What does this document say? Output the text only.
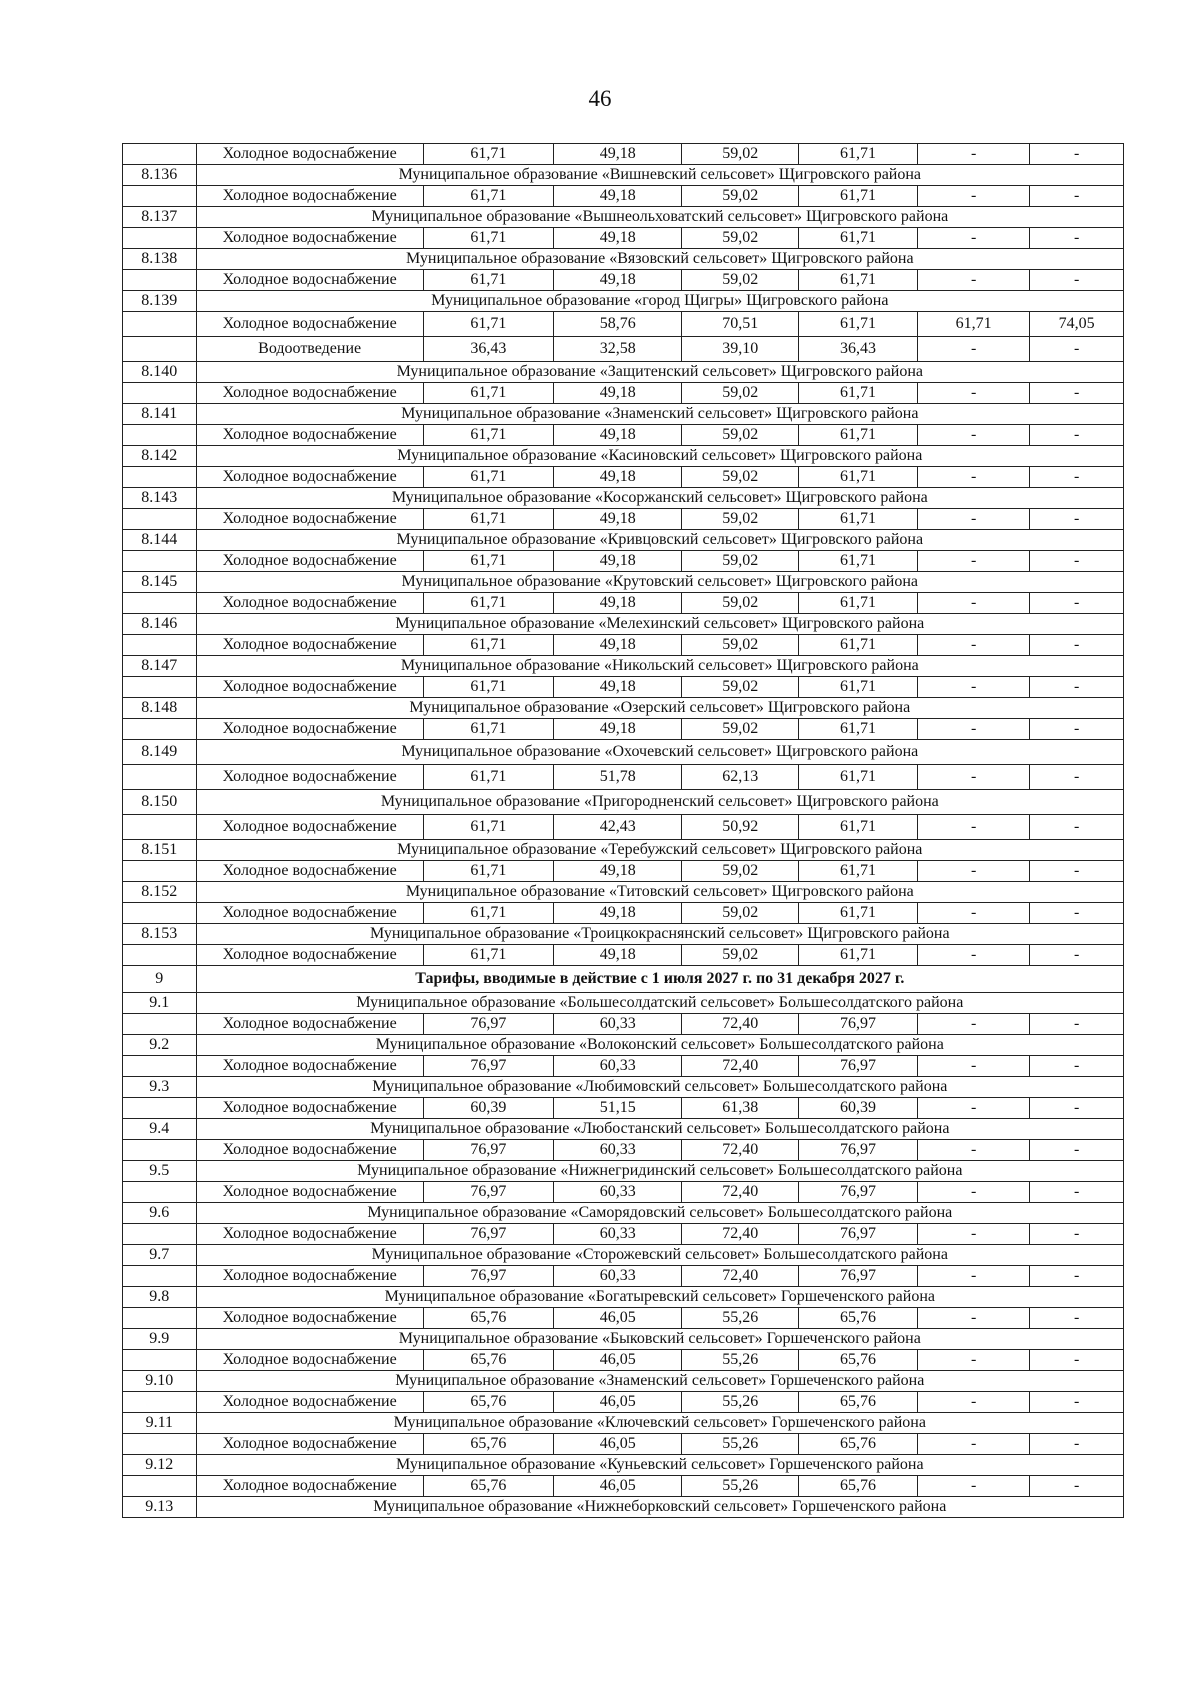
46
	Холодное водоснабжение	61,71	49,18	59,02	61,71	-	-
8.136	Муниципальное образование «Вишневский сельсовет» Щигровского района						
	Холодное водоснабжение	61,71	49,18	59,02	61,71	-	-
8.137	Муниципальное образование «Вышнеольховатский сельсовет» Щигровского района						
	Холодное водоснабжение	61,71	49,18	59,02	61,71	-	-
8.138	Муниципальное образование «Вязовский сельсовет» Щигровского района						
	Холодное водоснабжение	61,71	49,18	59,02	61,71	-	-
8.139	Муниципальное образование «город Щигры» Щигровского района						
	Холодное водоснабжение	61,71	58,76	70,51	61,71	61,71	74,05
	Водоотведение	36,43	32,58	39,10	36,43	-	-
8.140	Муниципальное образование «Защитенский сельсовет» Щигровского района						
	Холодное водоснабжение	61,71	49,18	59,02	61,71	-	-
8.141	Муниципальное образование «Знаменский сельсовет» Щигровского района						
	Холодное водоснабжение	61,71	49,18	59,02	61,71	-	-
8.142	Муниципальное образование «Касиновский сельсовет» Щигровского района						
	Холодное водоснабжение	61,71	49,18	59,02	61,71	-	-
8.143	Муниципальное образование «Косоржанский сельсовет» Щигровского района						
	Холодное водоснабжение	61,71	49,18	59,02	61,71	-	-
8.144	Муниципальное образование «Кривцовский сельсовет» Щигровского района						
	Холодное водоснабжение	61,71	49,18	59,02	61,71	-	-
8.145	Муниципальное образование «Крутовский сельсовет» Щигровского района						
	Холодное водоснабжение	61,71	49,18	59,02	61,71	-	-
8.146	Муниципальное образование «Мелехинский сельсовет» Щигровского района						
	Холодное водоснабжение	61,71	49,18	59,02	61,71	-	-
8.147	Муниципальное образование «Никольский сельсовет» Щигровского района						
	Холодное водоснабжение	61,71	49,18	59,02	61,71	-	-
8.148	Муниципальное образование «Озерский сельсовет» Щигровского района						
	Холодное водоснабжение	61,71	49,18	59,02	61,71	-	-
8.149	Муниципальное образование «Охочевский сельсовет» Щигровского района						
	Холодное водоснабжение	61,71	51,78	62,13	61,71	-	-
8.150	Муниципальное образование «Пригородненский сельсовет» Щигровского района						
	Холодное водоснабжение	61,71	42,43	50,92	61,71	-	-
8.151	Муниципальное образование «Теребужский сельсовет» Щигровского района						
	Холодное водоснабжение	61,71	49,18	59,02	61,71	-	-
8.152	Муниципальное образование «Титовский сельсовет» Щигровского района						
	Холодное водоснабжение	61,71	49,18	59,02	61,71	-	-
8.153	Муниципальное образование «Троицкокраснянский сельсовет» Щигровского района						
	Холодное водоснабжение	61,71	49,18	59,02	61,71	-	-
9	Тарифы, вводимые в действие с 1 июля 2027 г. по 31 декабря 2027 г.						
9.1	Муниципальное образование «Большесолдатский сельсовет» Большесолдатского района						
	Холодное водоснабжение	76,97	60,33	72,40	76,97	-	-
9.2	Муниципальное образование «Волоконский сельсовет» Большесолдатского района						
	Холодное водоснабжение	76,97	60,33	72,40	76,97	-	-
9.3	Муниципальное образование «Любимовский сельсовет» Большесолдатского района						
	Холодное водоснабжение	60,39	51,15	61,38	60,39	-	-
9.4	Муниципальное образование «Любостанский сельсовет» Большесолдатского района						
	Холодное водоснабжение	76,97	60,33	72,40	76,97	-	-
9.5	Муниципальное образование «Нижнегридинский сельсовет» Большесолдатского района						
	Холодное водоснабжение	76,97	60,33	72,40	76,97	-	-
9.6	Муниципальное образование «Саморядовский сельсовет» Большесолдатского района						
	Холодное водоснабжение	76,97	60,33	72,40	76,97	-	-
9.7	Муниципальное образование «Сторожевский сельсовет» Большесолдатского района						
	Холодное водоснабжение	76,97	60,33	72,40	76,97	-	-
9.8	Муниципальное образование «Богатыревский сельсовет» Горшеченского района						
	Холодное водоснабжение	65,76	46,05	55,26	65,76	-	-
9.9	Муниципальное образование «Быковский сельсовет» Горшеченского района						
	Холодное водоснабжение	65,76	46,05	55,26	65,76	-	-
9.10	Муниципальное образование «Знаменский сельсовет» Горшеченского района						
	Холодное водоснабжение	65,76	46,05	55,26	65,76	-	-
9.11	Муниципальное образование «Ключевский сельсовет» Горшеченского района						
	Холодное водоснабжение	65,76	46,05	55,26	65,76	-	-
9.12	Муниципальное образование «Куньевский сельсовет» Горшеченского района						
	Холодное водоснабжение	65,76	46,05	55,26	65,76	-	-
9.13	Муниципальное образование «Нижнеборковский сельсовет» Горшеченского района						
